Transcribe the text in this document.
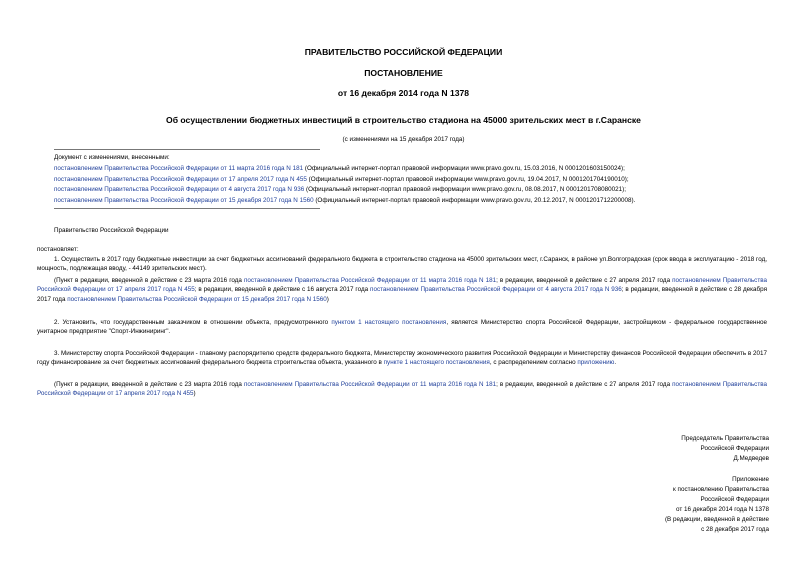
ПРАВИТЕЛЬСТВО РОССИЙСКОЙ ФЕДЕРАЦИИ
ПОСТАНОВЛЕНИЕ
от 16 декабря 2014 года N 1378
Об осуществлении бюджетных инвестиций в строительство стадиона на 45000 зрительских мест в г.Саранске
(с изменениями на 15 декабря 2017 года)
Документ с изменениями, внесенными:
постановлением Правительства Российской Федерации от 11 марта 2016 года N 181 (Официальный интернет-портал правовой информации www.pravo.gov.ru, 15.03.2016, N 0001201603150024);
постановлением Правительства Российской Федерации от 17 апреля 2017 года N 455 (Официальный интернет-портал правовой информации www.pravo.gov.ru, 19.04.2017, N 0001201704190010);
постановлением Правительства Российской Федерации от 4 августа 2017 года N 936 (Официальный интернет-портал правовой информации www.pravo.gov.ru, 08.08.2017, N 0001201708080021);
постановлением Правительства Российской Федерации от 15 декабря 2017 года N 1560 (Официальный интернет-портал правовой информации www.pravo.gov.ru, 20.12.2017, N 0001201712200008).
Правительство Российской Федерации
постановляет:

1. Осуществить в 2017 году бюджетные инвестиции за счет бюджетных ассигнований федерального бюджета в строительство стадиона на 45000 зрительских мест, г.Саранск, в районе ул.Волгоградская (срок ввода в эксплуатацию - 2018 год, мощность, подлежащая вводу, - 44149 зрительских мест).

(Пункт в редакции, введенной в действие с 23 марта 2016 года постановлением Правительства Российской Федерации от 11 марта 2016 года N 181; в редакции, введенной в действие с 27 апреля 2017 года постановлением Правительства Российской Федерации от 17 апреля 2017 года N 455; в редакции, введенной в действие с 16 августа 2017 года постановлением Правительства Российской Федерации от 4 августа 2017 года N 936; в редакции, введенной в действие с 28 декабря 2017 года постановлением Правительства Российской Федерации от 15 декабря 2017 года N 1560)

2. Установить, что государственным заказчиком в отношении объекта, предусмотренного пунктом 1 настоящего постановления, является Министерство спорта Российской Федерации, застройщиком - федеральное государственное унитарное предприятие "Спорт-Инжиниринг".

3. Министерству спорта Российской Федерации - главному распорядителю средств федерального бюджета, Министерству экономического развития Российской Федерации и Министерству финансов Российской Федерации обеспечить в 2017 году финансирование за счет бюджетных ассигнований федерального бюджета строительства объекта, указанного в пункте 1 настоящего постановления, с распределением согласно приложению.

(Пункт в редакции, введенной в действие с 23 марта 2016 года постановлением Правительства Российской Федерации от 11 марта 2016 года N 181; в редакции, введенной в действие с 27 апреля 2017 года постановлением Правительства Российской Федерации от 17 апреля 2017 года N 455)

Председатель Правительства
Российской Федерации
Д.Медведев
Приложение
к постановлению Правительства
Российской Федерации
от 16 декабря 2014 года N 1378
(В редакции, введенной в действие
с 28 декабря 2017 года
